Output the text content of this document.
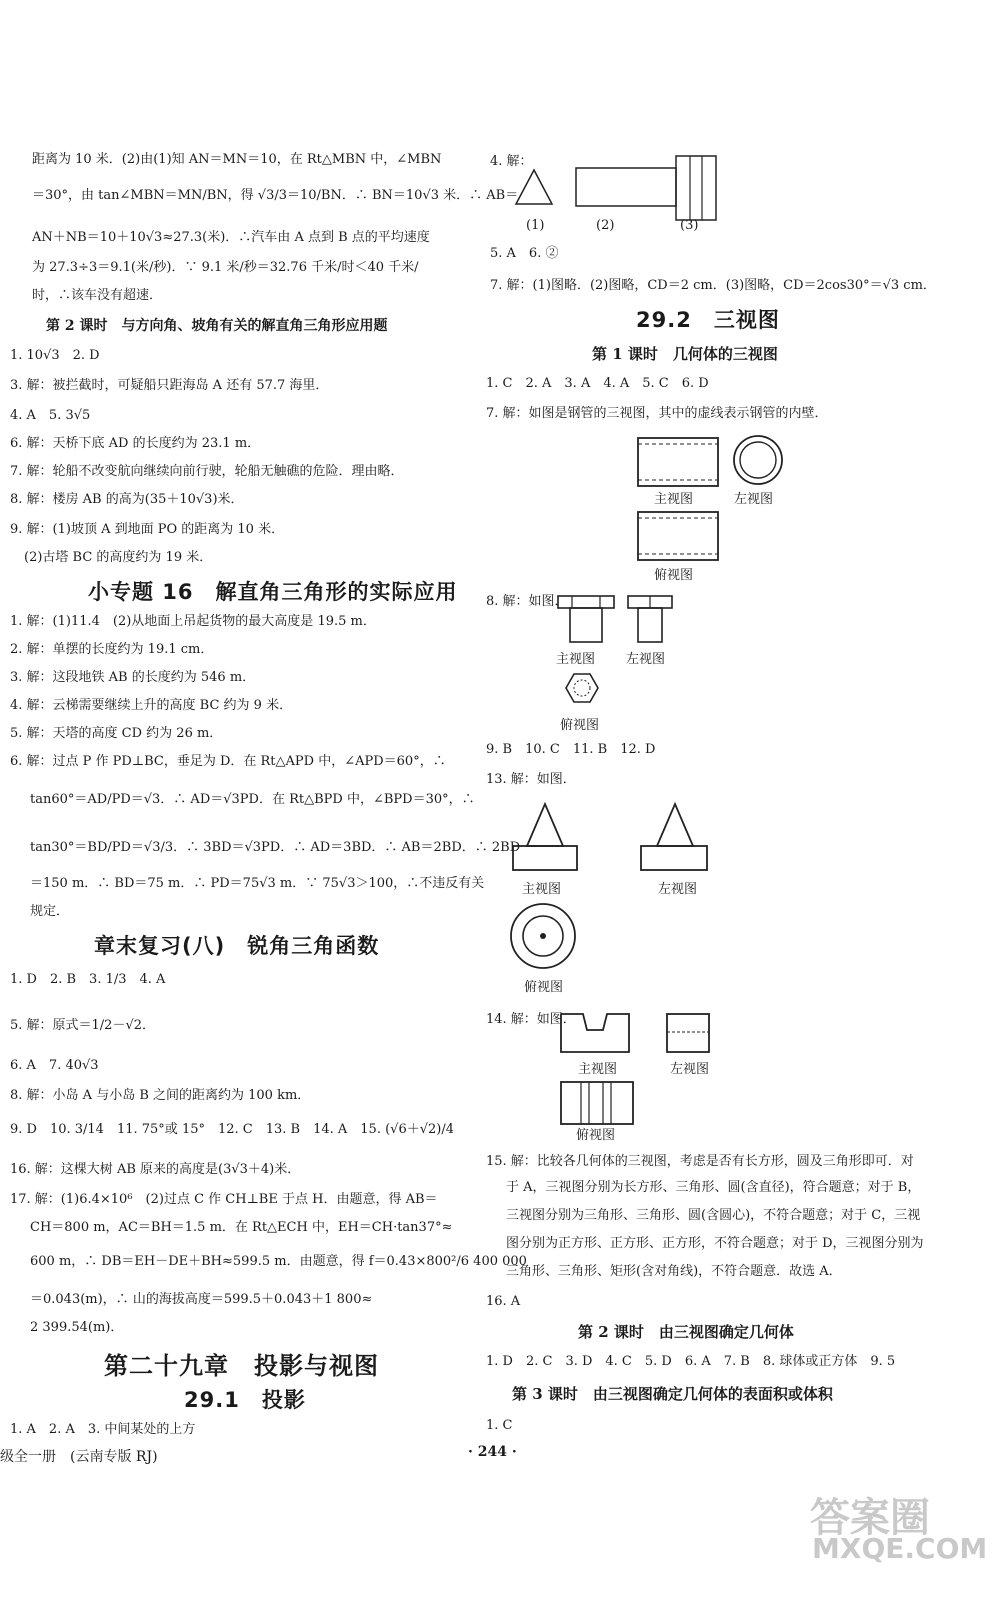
距离为 10 米．(2)由(1)知 AN＝MN＝10，在 Rt△MBN 中，∠MBN
＝30°，由 tan∠MBN＝MN/BN，得 √3/3＝10/BN．∴ BN＝10√3 米．∴ AB＝
AN＋NB＝10＋10√3≈27.3(米)．∴汽车由 A 点到 B 点的平均速度
为 27.3÷3＝9.1(米/秒)．∵ 9.1 米/秒＝32.76 千米/时＜40 千米/
时，∴该车没有超速．
第 2 课时　与方向角、坡角有关的解直角三角形应用题
1. 10√3　2. D
3. 解：被拦截时，可疑船只距海岛 A 还有 57.7 海里．
4. A　5. 3√5
6. 解：天桥下底 AD 的长度约为 23.1 m．
7. 解：轮船不改变航向继续向前行驶，轮船无触礁的危险．理由略．
8. 解：楼房 AB 的高为(35＋10√3)米．
9. 解：(1)坡顶 A 到地面 PO 的距离为 10 米．
(2)古塔 BC 的高度约为 19 米．
小专题 16　解直角三角形的实际应用
1. 解：(1)11.4　(2)从地面上吊起货物的最大高度是 19.5 m．
2. 解：单摆的长度约为 19.1 cm．
3. 解：这段地铁 AB 的长度约为 546 m．
4. 解：云梯需要继续上升的高度 BC 约为 9 米．
5. 解：天塔的高度 CD 约为 26 m．
6. 解：过点 P 作 PD⊥BC，垂足为 D．在 Rt△APD 中，∠APD＝60°，∴
tan60°＝AD/PD＝√3．∴ AD＝√3PD．在 Rt△BPD 中，∠BPD＝30°，∴
tan30°＝BD/PD＝√3/3．∴ 3BD＝√3PD．∴ AD＝3BD．∴ AB＝2BD．∴ 2BD
＝150 m．∴ BD＝75 m．∴ PD＝75√3 m．∵ 75√3＞100，∴不违反有关
规定．
章末复习(八)　锐角三角函数
1. D　2. B　3. 1/3　4. A
5. 解：原式＝1/2－√2．
6. A　7. 40√3
8. 解：小岛 A 与小岛 B 之间的距离约为 100 km．
9. D　10. 3/14　11. 75°或 15°　12. C　13. B　14. A　15. (√6＋√2)/4
16. 解：这棵大树 AB 原来的高度是(3√3＋4)米．
17. 解：(1)6.4×10⁶　(2)过点 C 作 CH⊥BE 于点 H．由题意，得 AB＝
CH＝800 m，AC＝BH＝1.5 m．在 Rt△ECH 中，EH＝CH·tan37°≈
600 m，∴ DB＝EH－DE＋BH≈599.5 m．由题意，得 f＝0.43×800²/6 400 000
＝0.043(m)，∴ 山的海拔高度＝599.5＋0.043＋1 800≈
2 399.54(m)．
第二十九章　投影与视图
29.1　投影
1. A　2. A　3. 中间某处的上方
级全一册　(云南专版 RJ)
4. 解：
(1)	(2)	(3)
5. A　6. ②
7. 解：(1)图略．(2)图略，CD＝2 cm．(3)图略，CD＝2cos30°＝√3 cm．
29.2　三视图
第 1 课时　几何体的三视图
1. C　2. A　3. A　4. A　5. C　6. D
7. 解：如图是钢管的三视图，其中的虚线表示钢管的内壁．
主视图	左视图
俯视图
8. 解：如图．
主视图 左视图
俯视图
9. B　10. C　11. B　12. D
13. 解：如图．
主视图	左视图
俯视图
14. 解：如图．
主视图	左视图
俯视图
15. 解：比较各几何体的三视图，考虑是否有长方形，圆及三角形即可．对
于 A，三视图分别为长方形、三角形、圆(含直径)，符合题意；对于 B，
三视图分别为三角形、三角形、圆(含圆心)，不符合题意；对于 C，三视
图分别为正方形、正方形、正方形，不符合题意；对于 D，三视图分别为
三角形、三角形、矩形(含对角线)，不符合题意．故选 A．
16. A
第 2 课时　由三视图确定几何体
1. D　2. C　3. D　4. C　5. D　6. A　7. B　8. 球体或正方体　9. 5
第 3 课时　由三视图确定几何体的表面积或体积
1. C
· 244 ·
答案圈
MXQE.COM
